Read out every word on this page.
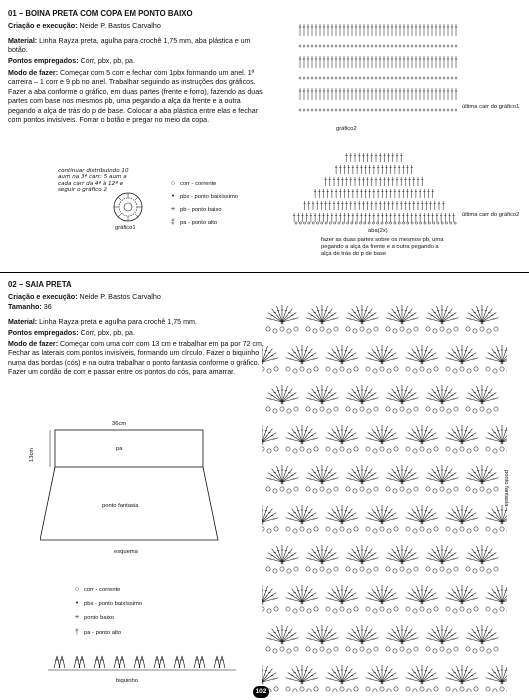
01 – BOINA PRETA COM COPA EM PONTO BAIXO
Criação e execução: Neide P. Bastos Carvalho
Material: Linha Rayza preta, agulha para crochê 1,75 mm, aba plástica e um botão.
Pontos empregados: Corr, pbx, pb, pa.
Modo de fazer: Começar com 5 corr e fechar com 1pbx formando um anel. 1ª carreira – 1 corr e 9 pb no anel. Trabalhar seguindo as instruções dos gráficos. Fazer a aba conforme o gráfico, em duas partes (frente e forro), fazendo as duas partes com base nos mesmos pb, uma pegando a alça da frente e a outra pegando a alça de trás do p de base. Colocar a aba plástica entre elas e fechar com pontos invisíveis. Forrar o botão e pregar no meio da copa.
continuar distribuindo 10 aum na 3ª carr: 5 aum a cada carr da 4ª à 12ª e seguir o gráfico 2
gráfico1
○ corr - corrente
• pbx - ponto baixíssimo
+ pb - ponto baixo
‡ pa - ponto alto
gráfico2
última carr do gráfico1
última carr do gráfico2
aba(2x)
fazer as duas partes sobre os mesmos pb, uma pegando a alça da frente e a outra pegando a alça de trás do p de base
02 – SAIA PRETA
Criação e execução: Neide P. Bastos Carvalho
Tamanho: 36
Material: Linha Rayza preta e agulha para crochê 1,75 mm.
Pontos empregados: Corr, pbx, pb, pa.
Modo de fazer: Começar com uma corr com 13 cm e trabalhar em pa por 72 cm. Fechar as laterais com pontos invisíveis, formando um círculo. Fazer o biquinho numa das bordas (cós) e na outra trabalhar o ponto fantasia conforme o gráfico. Fazer um cordão de corr e passar entre os pontos do cós, para amarrar.
36cm
13cm	pa
ponto fantasia
esquema
○ corr - corrente
• pbx - ponto baixíssimo
+ ponto baixo
† pa - ponto alto
biquinho
ponto fantasia
102
